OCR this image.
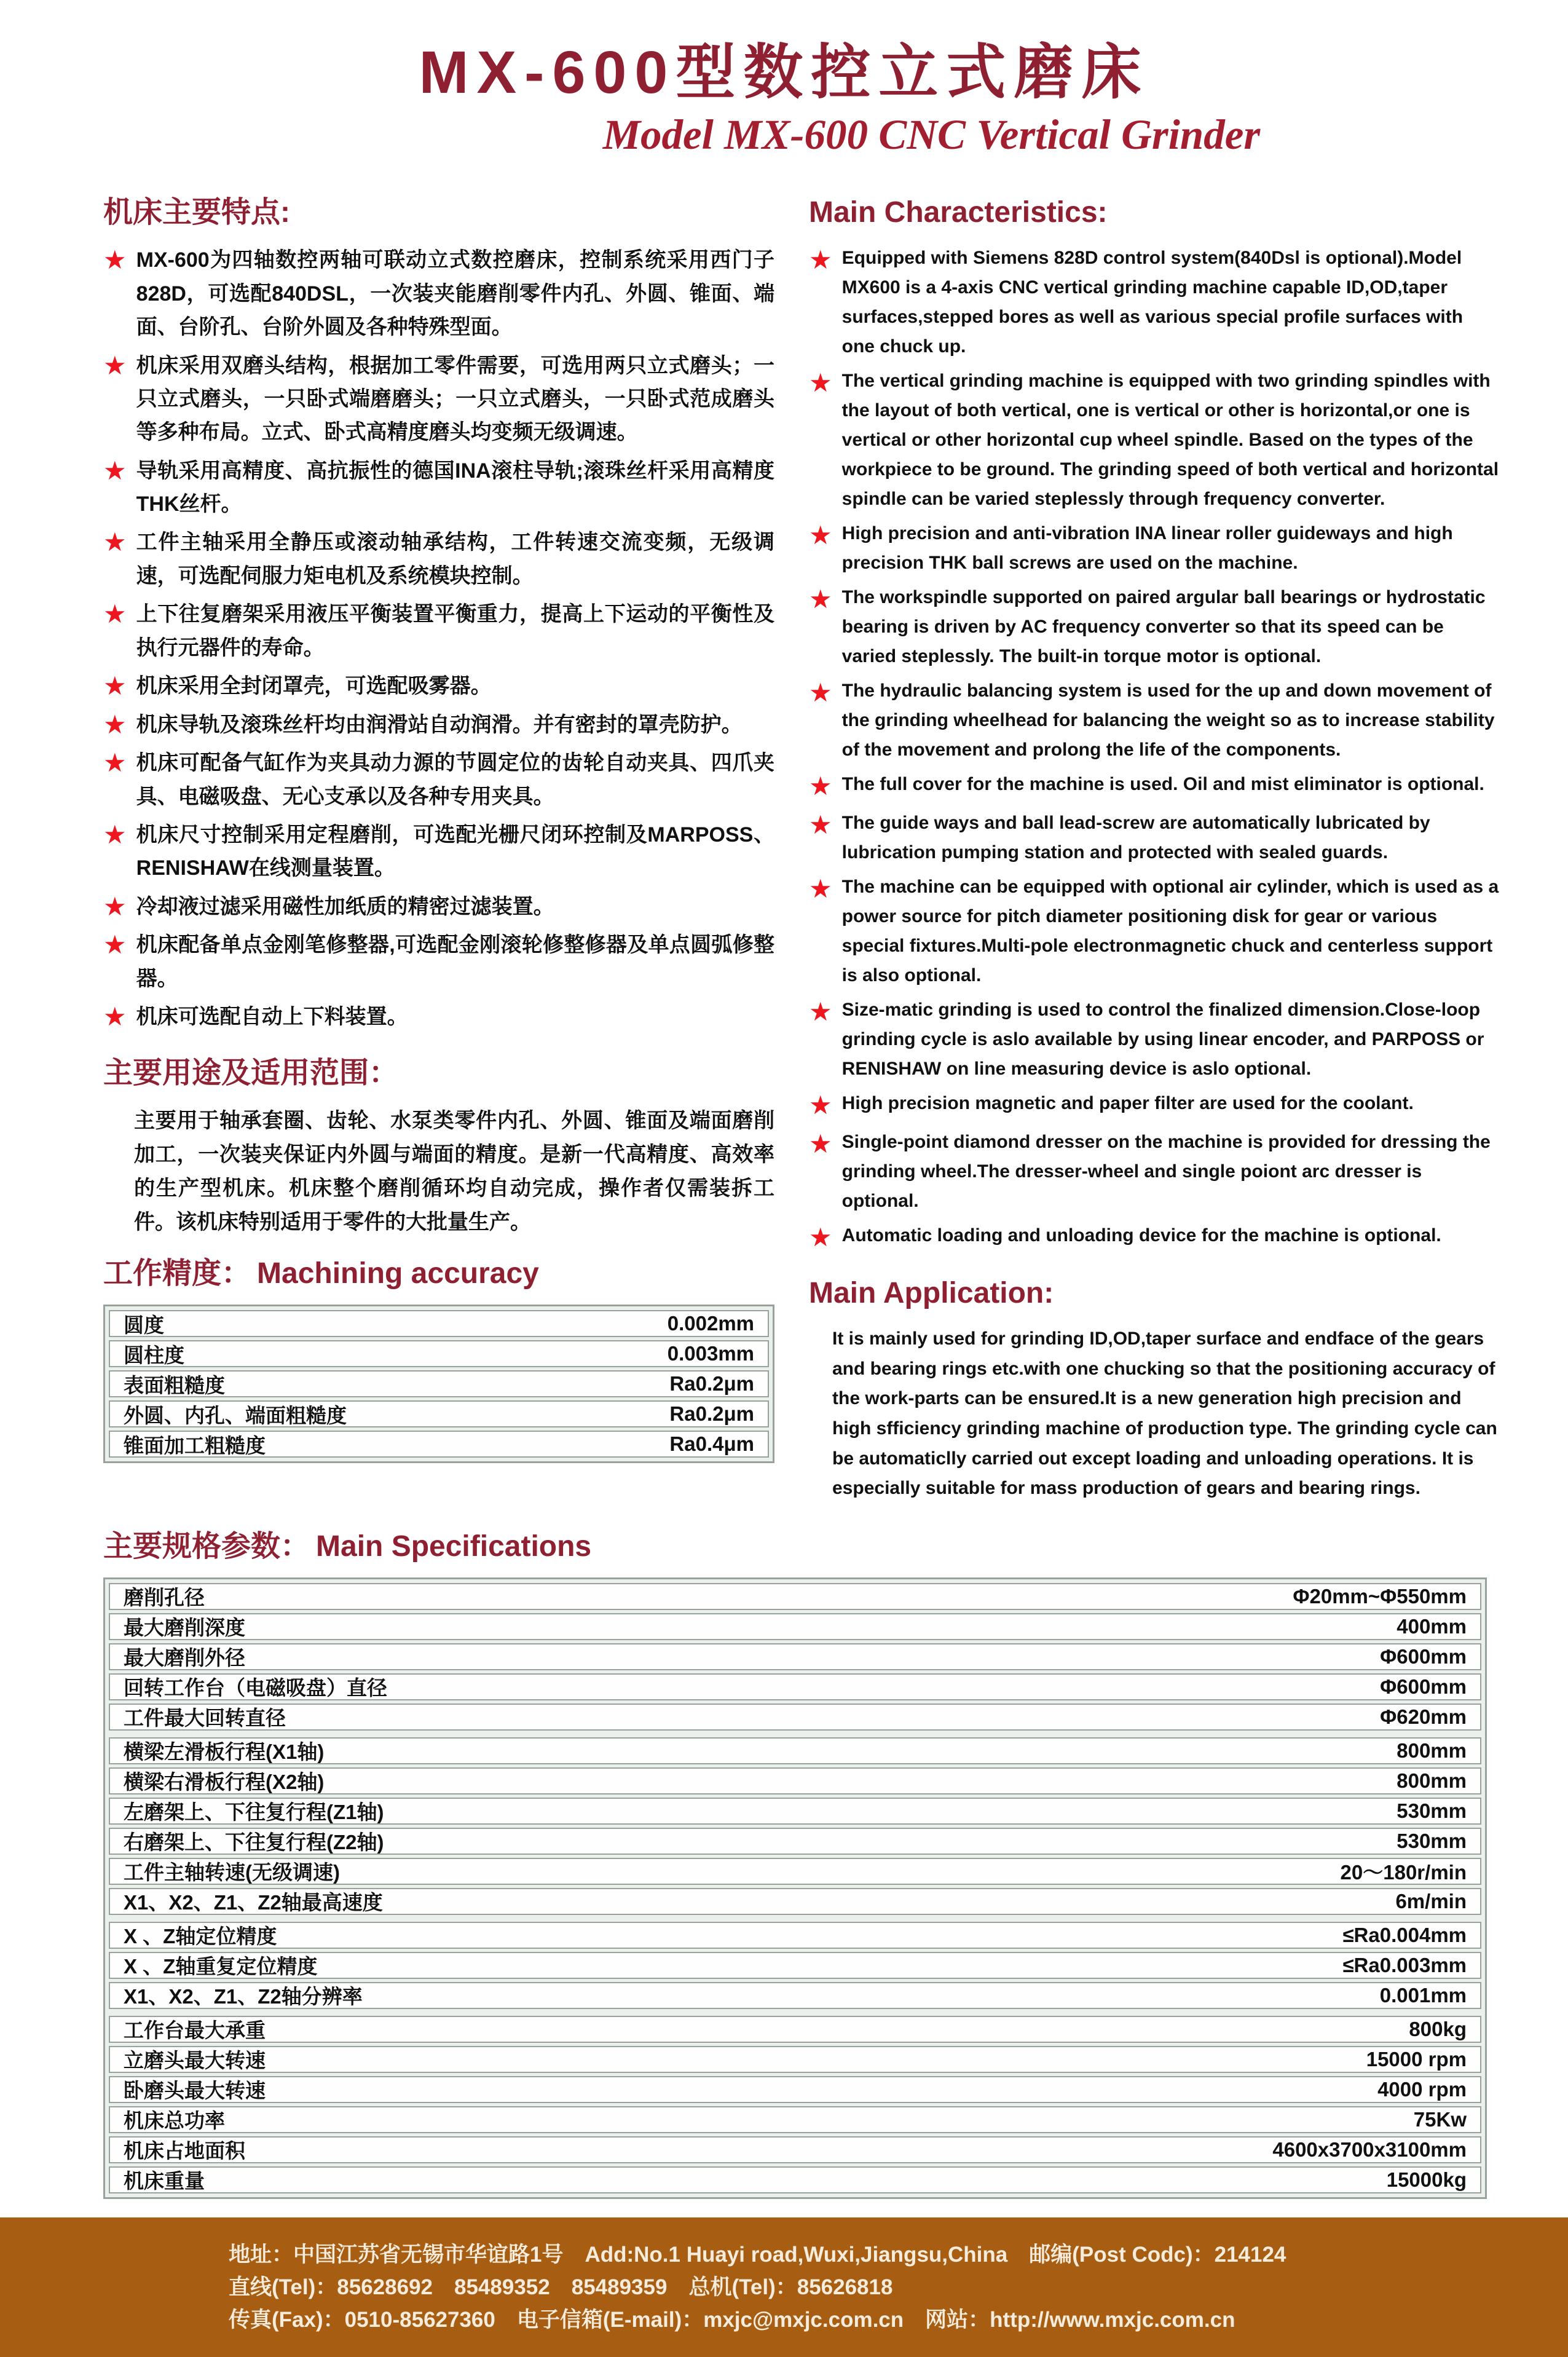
MX-600型数控立式磨床
Model MX-600 CNC Vertical Grinder
机床主要特点:
★ MX-600为四轴数控两轴可联动立式数控磨床，控制系统采用西门子828D，可选配840DSL，一次装夹能磨削零件内孔、外圆、锥面、端面、台阶孔、台阶外圆及各种特殊型面。
★ 机床采用双磨头结构，根据加工零件需要，可选用两只立式磨头；一只立式磨头，一只卧式端磨磨头；一只立式磨头，一只卧式范成磨头等多种布局。立式、卧式高精度磨头均变频无级调速。
★ 导轨采用高精度、高抗振性的德国INA滚柱导轨;滚珠丝杆采用高精度THK丝杆。
★ 工件主轴采用全静压或滚动轴承结构，工件转速交流变频，无级调速，可选配伺服力矩电机及系统模块控制。
★ 上下往复磨架采用液压平衡装置平衡重力，提高上下运动的平衡性及执行元器件的寿命。
★ 机床采用全封闭罩壳，可选配吸雾器。
★ 机床导轨及滚珠丝杆均由润滑站自动润滑。并有密封的罩壳防护。
★ 机床可配备气缸作为夹具动力源的节圆定位的齿轮自动夹具、四爪夹具、电磁吸盘、无心支承以及各种专用夹具。
★ 机床尺寸控制采用定程磨削，可选配光栅尺闭环控制及MARPOSS、RENISHAW在线测量装置。
★ 冷却液过滤采用磁性加纸质的精密过滤装置。
★ 机床配备单点金刚笔修整器,可选配金刚滚轮修整修器及单点圆弧修整器。
★ 机床可选配自动上下料装置。
主要用途及适用范围：

主要用于轴承套圈、齿轮、水泵类零件内孔、外圆、锥面及端面磨削加工，一次装夹保证内外圆与端面的精度。是新一代高精度、高效率的生产型机床。机床整个磨削循环均自动完成，操作者仅需装拆工件。该机床特别适用于零件的大批量生产。

工作精度： Machining accuracy
圆度	0.002mm
圆柱度	0.003mm
表面粗糙度	Ra0.2μm
外圆、内孔、端面粗糙度	Ra0.2μm
锥面加工粗糙度	Ra0.4μm
Main Characteristics:
★ Equipped with Siemens 828D control system(840Dsl is optional).Model MX600 is a 4-axis CNC vertical grinding machine capable ID,OD,taper surfaces,stepped bores as well as various special profile surfaces with one chuck up.
★ The vertical grinding machine is equipped with two grinding spindles with the layout of both vertical, one is vertical or other is horizontal,or one is vertical or other horizontal cup wheel spindle. Based on the types of the workpiece to be ground. The grinding speed of both vertical and horizontal spindle can be varied steplessly through frequency converter.
★ High precision and anti-vibration INA linear roller guideways and high precision THK ball screws are used on the machine.
★ The workspindle supported on paired argular ball bearings or hydrostatic bearing is driven by AC frequency converter so that its speed can be varied steplessly. The built-in torque motor is optional.
★ The hydraulic balancing system is used for the up and down movement of the grinding wheelhead for balancing the weight so as to increase stability of the movement and prolong the life of the components.
★ The full cover for the machine is used. Oil and mist eliminator is optional.
★ The guide ways and ball lead-screw are automatically lubricated by lubrication pumping station and protected with sealed guards.
★ The machine can be equipped with optional air cylinder, which is used as a power source for pitch diameter positioning disk for gear or various special fixtures.Multi-pole electronmagnetic chuck and centerless support is also optional.
★ Size-matic grinding is used to control the finalized dimension.Close-loop grinding cycle is aslo available by using linear encoder, and PARPOSS or RENISHAW on line measuring device is aslo optional.
★ High precision magnetic and paper filter are used for the coolant.
★ Single-point diamond dresser on the machine is provided for dressing the grinding wheel.The dresser-wheel and single poiont arc dresser is optional.
★ Automatic loading and unloading device for the machine is optional.
Main Application:

It is mainly used for grinding ID,OD,taper surface and endface of the gears and bearing rings etc.with one chucking so that the positioning accuracy of the work-parts can be ensured.It is a new generation high precision and high sfficiency grinding machine of production type. The grinding cycle can be automaticlly carried out except loading and unloading operations. It is especially suitable for mass production of gears and bearing rings.

主要规格参数： Main Specifications
磨削孔径	Φ20mm~Φ550mm
最大磨削深度	400mm
最大磨削外径	Φ600mm
回转工作台（电磁吸盘）直径	Φ600mm
工件最大回转直径	Φ620mm
横梁左滑板行程(X1轴)	800mm
横梁右滑板行程(X2轴)	800mm
左磨架上、下往复行程(Z1轴)	530mm
右磨架上、下往复行程(Z2轴)	530mm
工件主轴转速(无级调速)	20～180r/min
X1、X2、Z1、Z2轴最高速度	6m/min
X 、Z轴定位精度	≤Ra0.004mm
X 、Z轴重复定位精度	≤Ra0.003mm
X1、X2、Z1、Z2轴分辨率	0.001mm
工作台最大承重	800kg
立磨头最大转速	15000 rpm
卧磨头最大转速	4000 rpm
机床总功率	75Kw
机床占地面积	4600x3700x3100mm
机床重量	15000kg
地址：中国江苏省无锡市华谊路1号　Add:No.1 Huayi road,Wuxi,Jiangsu,China　邮编(Post Codc)：214124
直线(Tel)：85628692　85489352　85489359　总机(Tel)：85626818
传真(Fax)：0510-85627360　电子信箱(E-mail)：mxjc@mxjc.com.cn　网站：http://www.mxjc.com.cn
